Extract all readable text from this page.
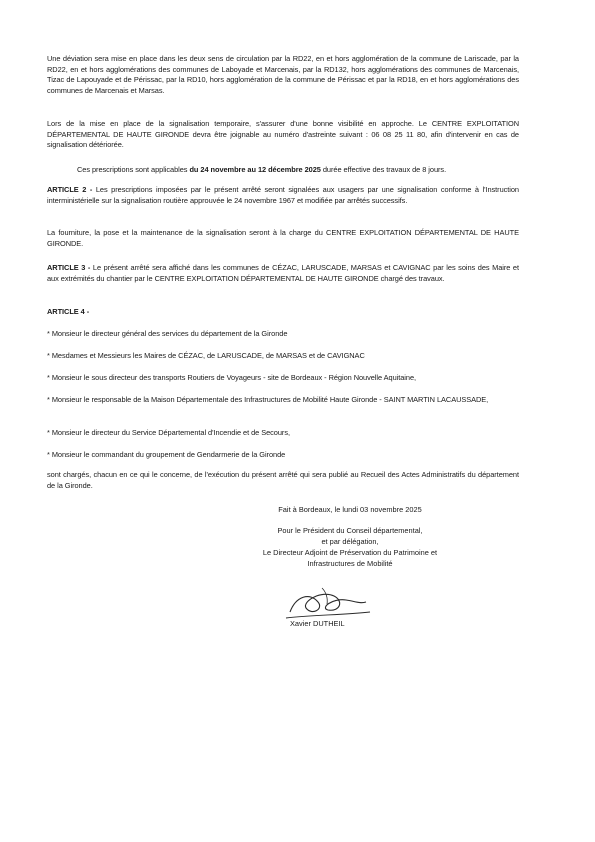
Une déviation sera mise en place dans les deux sens de circulation par la RD22, en et hors agglomération de la commune de Lariscade, par la RD22, en et hors agglomérations des communes de Laboyade et Marcenais, par la RD132, hors agglomérations des communes de Marcenais, Tizac de Lapouyade et de Périssac, par la RD10, hors agglomération de la commune de Périssac et par la RD18, en et hors agglomérations des communes de Marcenais et Marsas.
Lors de la mise en place de la signalisation temporaire, s'assurer d'une bonne visibilité en approche. Le CENTRE EXPLOITATION DÉPARTEMENTAL DE HAUTE GIRONDE devra être joignable au numéro d'astreinte suivant : 06 08 25 11 80, afin d'intervenir en cas de signalisation détériorée.
Ces prescriptions sont applicables du 24 novembre au 12 décembre 2025 durée effective des travaux de 8 jours.
ARTICLE 2 - Les prescriptions imposées par le présent arrêté seront signalées aux usagers par une signalisation conforme à l'Instruction interministérielle sur la signalisation routière approuvée le 24 novembre 1967 et modifiée par arrêtés successifs.
La fourniture, la pose et la maintenance de la signalisation seront à la charge du CENTRE EXPLOITATION DÉPARTEMENTAL DE HAUTE GIRONDE.
ARTICLE 3 - Le présent arrêté sera affiché dans les communes de CÉZAC, LARUSCADE, MARSAS et CAVIGNAC par les soins des Maire et aux extrémités du chantier par le CENTRE EXPLOITATION DÉPARTEMENTAL DE HAUTE GIRONDE chargé des travaux.
ARTICLE 4 -
* Monsieur le directeur général des services du département de la Gironde
* Mesdames et Messieurs les Maires de CÉZAC, de LARUSCADE, de MARSAS et de CAVIGNAC
* Monsieur le sous directeur des transports Routiers de Voyageurs - site de Bordeaux - Région Nouvelle Aquitaine,
* Monsieur le responsable de la Maison Départementale des Infrastructures de Mobilité Haute Gironde - SAINT MARTIN LACAUSSADE,
* Monsieur le directeur du Service Départemental d'Incendie et de Secours,
* Monsieur le commandant du groupement de Gendarmerie de la Gironde
sont chargés, chacun en ce qui le concerne, de l'exécution du présent arrêté qui sera publié au Recueil des Actes Administratifs du département de la Gironde.
Fait à Bordeaux, le lundi 03 novembre 2025
Pour le Président du Conseil départemental,
et par délégation,
Le Directeur Adjoint de Préservation du Patrimoine et
Infrastructures de Mobilité
Xavier DUTHEIL
